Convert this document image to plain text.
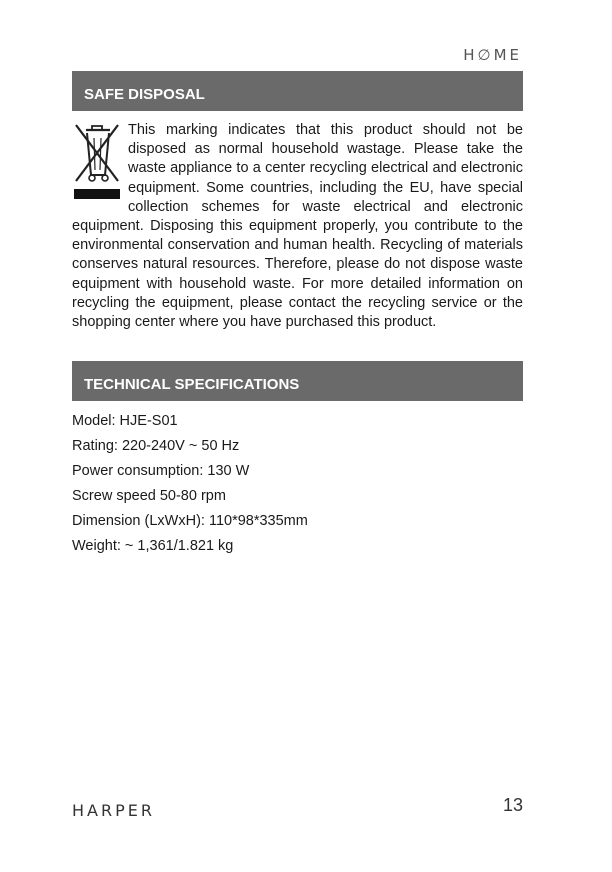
H∅ME
SAFE DISPOSAL
This marking indicates that this product should not be disposed as normal household wastage. Please take the waste appliance to a center recycling electrical and electronic equipment. Some countries, including the EU, have special collection schemes for waste electrical and electronic equipment. Disposing this equipment properly, you contribute to the environmental conservation and human health. Recycling of materials conserves natural resources. Therefore, please do not dispose waste equipment with household waste. For more detailed information on recycling the equipment, please contact the recycling service or the shopping center where you have purchased this product.
TECHNICAL SPECIFICATIONS
Model: HJE-S01
Rating: 220-240V ~ 50 Hz
Power consumption: 130 W
Screw speed 50-80 rpm
Dimension (LxWxH): 110*98*335mm
Weight: ~ 1,361/1.821 kg
HARPER	13
